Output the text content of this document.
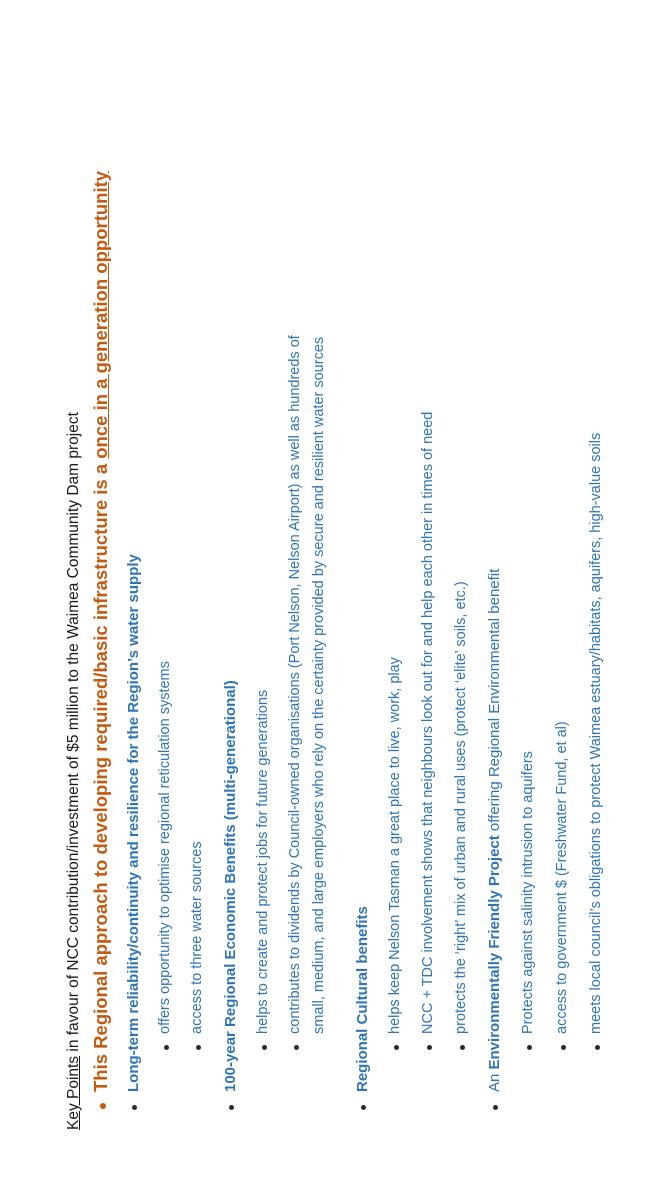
Key Points in favour of NCC contribution/investment of $5 million to the Waimea Community Dam project This Regional approach to developing required/basic infrastructure is a once in a generation opportunity
Long-term reliability/continuity and resilience for the Region’s water supply offers opportunity to optimise regional reticulation systems access to three water sources 100-year Regional Economic Benefits (multi-generational) helps to create and protect jobs for future generations contributes to dividends by Council-owned organisations (Port Nelson, Nelson Airport) as well as hundreds of small, medium, and large employers who rely on the certainty provided by secure and resilient water sources Regional Cultural benefits helps keep Nelson Tasman a great place to live, work, play NCC + TDC involvement shows that neighbours look out for and help each other in times of need protects the ‘right’ mix of urban and rural uses (protect ‘elite’ soils, etc.)
An Environmentally Friendly Project offering Regional Environmental benefit
Protects against salinity intrusion to aquifers access to government $ (Freshwater Fund, et al) meets local council’s obligations to protect Waimea estuary/habitats, aquifers, high-value soils
